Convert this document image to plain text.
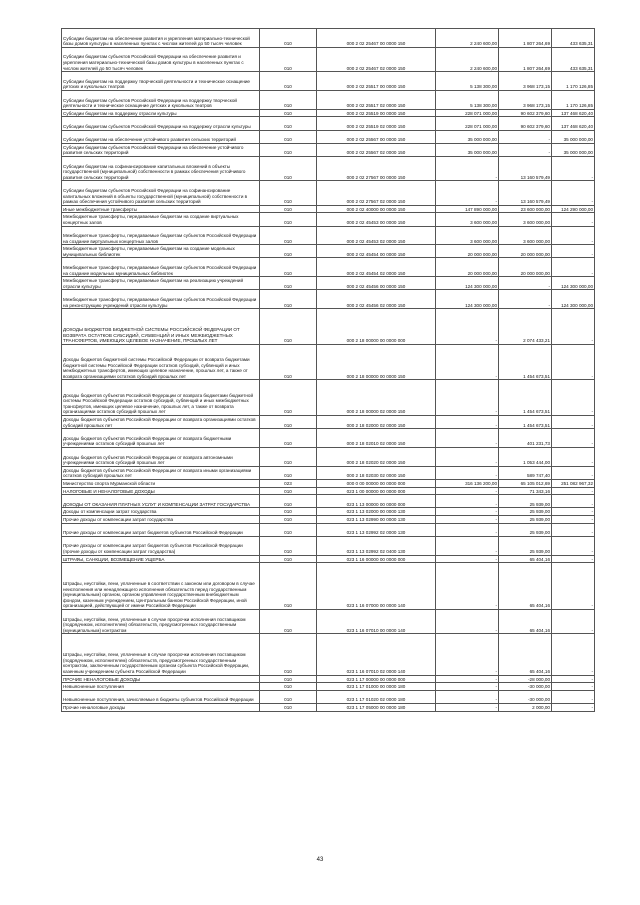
Субсидии бюджетам на обеспечение развития и укрепления материально-технической базы домов культуры в населенных пунктах с числом жителей до 50 тысяч человек	010	000 2 02 25467 00 0000 150	2 240 600,00	1 807 264,69	433 635,31
Субсидии бюджетам субъектов Российской Федерации на обеспечение развития и укрепления материально-технической базы домов культуры в населенных пунктах с числом жителей до 50 тысяч человек	010	000 2 02 25467 02 0000 150	2 240 600,00	1 807 264,69	433 635,31
Субсидии бюджетам на поддержку творческой деятельности и техническое оснащение детских и кукольных театров	010	000 2 02 25517 00 0000 150	5 138 300,00	3 968 173,15	1 170 126,85
Субсидии бюджетам субъектов Российской Федерации на поддержку творческой деятельности и техническое оснащение детских и кукольных театров	010	000 2 02 25517 02 0000 150	5 138 300,00	3 968 173,15	1 170 126,85
Субсидии бюджетам на поддержку отрасли культуры	010	000 2 02 25519 00 0000 150	228 071 000,00	90 602 379,60	137 468 620,40
Субсидии бюджетам субъектов Российской Федерации на поддержку отрасли культуры	010	000 2 02 25519 02 0000 150	228 071 000,00	90 602 379,60	137 468 620,40
Субсидии бюджетам на обеспечение устойчивого развития сельских территорий	010	000 2 02 25567 00 0000 150	35 000 000,00	-	35 000 000,00
Субсидии бюджетам субъектов Российской Федерации на обеспечение устойчивого развития сельских территорий	010	000 2 02 25567 02 0000 150	35 000 000,00	-	35 000 000,00
Субсидии бюджетам на софинансирование капитальных вложений в объекты государственной (муниципальной) собственности в рамках обеспечения устойчивого развития сельских территорий	010	000 2 02 27567 00 0000 150	-	13 160 579,49	-
Субсидии бюджетам субъектов Российской Федерации на софинансирование капитальных вложений в объекты государственной (муниципальной) собственности в рамках обеспечения устойчивого развития сельских территорий	010	000 2 02 27567 02 0000 150	-	13 160 579,49	-
Иные межбюджетные трансферты	010	000 2 02 40000 00 0000 150	147 890 000,00	23 600 000,00	124 290 000,00
Межбюджетные трансферты, передаваемые бюджетам на создание виртуальных концертных залов	010	000 2 02 45453 00 0000 150	3 600 000,00	3 600 000,00	-
Межбюджетные трансферты, передаваемые бюджетам субъектов Российской Федерации на создание виртуальных концертных залов	010	000 2 02 45453 02 0000 150	3 600 000,00	3 600 000,00	-
Межбюджетные трансферты, передаваемые бюджетам на создание модельных муниципальных библиотек	010	000 2 02 45454 00 0000 150	20 000 000,00	20 000 000,00	-
Межбюджетные трансферты, передаваемые бюджетам субъектов Российской Федерации на создание модельных муниципальных библиотек	010	000 2 02 45454 02 0000 150	20 000 000,00	20 000 000,00	-
Межбюджетные трансферты, передаваемые бюджетам на реализацию учреждений отрасли культуры	010	000 2 02 45456 00 0000 150	124 300 000,00	-	124 300 000,00
Межбюджетные трансферты, передаваемые бюджетам субъектов Российской Федерации на реконструкцию учреждений отрасли культуры	010	000 2 02 45456 02 0000 150	124 300 000,00	-	124 300 000,00
ДОХОДЫ БЮДЖЕТОВ БЮДЖЕТНОЙ СИСТЕМЫ РОССИЙСКОЙ ФЕДЕРАЦИИ ОТ ВОЗВРАТА ОСТАТКОВ СУБСИДИЙ, СУБВЕНЦИЙ И ИНЫХ МЕЖБЮДЖЕТНЫХ ТРАНСФЕРТОВ, ИМЕЮЩИХ ЦЕЛЕВОЕ НАЗНАЧЕНИЕ, ПРОШЛЫХ ЛЕТ	010	000 2 18 00000 00 0000 000	-	2 074 433,21	-
Доходы бюджетов бюджетной системы Российской Федерации от возврата бюджетами бюджетной системы Российской Федерации остатков субсидий, субвенций и иных межбюджетных трансфертов, имеющих целевое назначение, прошлых лет, а также от возврата организациями остатков субсидий прошлых лет	010	000 2 18 00000 00 0000 150	-	1 454 673,51	-
Доходы бюджетов субъектов Российской Федерации от возврата бюджетами бюджетной системы Российской Федерации остатков субсидий, субвенций и иных межбюджетных трансфертов, имеющих целевое назначение, прошлых лет, а также от возврата организациями остатков субсидий прошлых лет	010	000 2 18 00000 02 0000 150	-	1 454 673,51	-
Доходы бюджетов субъектов Российской Федерации от возврата организациями остатков субсидий прошлых лет	010	000 2 18 02000 02 0000 150	-	1 454 673,51	-
Доходы бюджетов субъектов Российской Федерации от возврата бюджетными учреждениями остатков субсидий прошлых лет	010	000 2 18 02010 02 0000 150	-	401 231,73	-
Доходы бюджетов субъектов Российской Федерации от возврата автономными учреждениями остатков субсидий прошлых лет	010	000 2 18 02020 02 0000 150	-	1 053 444,00	-
Доходы бюджетов субъектов Российской Федерации от возврата иными организациями остатков субсидий прошлых лет	010	000 2 18 02030 02 0000 150	-	589 747,40	-
Министерство спорта Мурманской области	023	000 0 00 00000 00 0000 000	316 136 200,00	65 105 012,69	251 082 967,32
НАЛОГОВЫЕ И НЕНАЛОГОВЫЕ ДОХОДЫ	010	023 1 00 00000 00 0000 000	-	71 343,16	-
ДОХОДЫ ОТ ОКАЗАНИЯ ПЛАТНЫХ УСЛУГ И КОМПЕНСАЦИИ ЗАТРАТ ГОСУДАРСТВА	010	023 1 13 00000 00 0000 000	-	25 939,00	-
Доходы от компенсации затрат государства	010	023 1 13 02000 00 0000 130	-	25 939,00	-
Прочие доходы от компенсации затрат государства	010	023 1 13 02990 00 0000 130	-	25 939,00	-
Прочие доходы от компенсации затрат бюджетов субъектов Российской Федерации	010	023 1 13 02992 02 0000 130	-	25 939,00	-
Прочие доходы от компенсации затрат бюджетов субъектов Российской Федерации (прочие доходы от компенсации затрат государства)	010	023 1 13 02992 02 0400 130	-	25 939,00	-
ШТРАФЫ, САНКЦИИ, ВОЗМЕЩЕНИЕ УЩЕРБА	010	023 1 16 00000 00 0000 000	-	65 404,16	-
Штрафы, неустойки, пени, уплаченные в соответствии с законом или договором в случае неисполнения или ненадлежащего исполнения обязательств перед государственным (муниципальным) органом, органом управления государственным внебюджетным фондом, казенным учреждением, Центральным банком Российской Федерации, иной организацией, действующей от имени Российской Федерации	010	023 1 16 07000 00 0000 140	-	65 404,16	-
Штрафы, неустойки, пени, уплаченные в случае просрочки исполнения поставщиком (подрядчиком, исполнителем) обязательств, предусмотренных государственным (муниципальным) контрактом	010	023 1 16 07010 00 0000 140	-	65 404,16	-
Штрафы, неустойки, пени, уплаченные в случае просрочки исполнения поставщиком (подрядчиком, исполнителем) обязательств, предусмотренных государственным контрактом, заключенным государственным органом субъекта Российской Федерации, казенным учреждением субъекта Российской Федерации	010	023 1 16 07010 02 0000 140	-	65 404,16	-
ПРОЧИЕ НЕНАЛОГОВЫЕ ДОХОДЫ	010	023 1 17 00000 00 0000 000	-	-28 000,00	-
Невыясненные поступления	010	023 1 17 01000 00 0000 180	-	-30 000,00	-
Невыясненные поступления, зачисляемые в бюджеты субъектов Российской Федерации	010	023 1 17 01020 02 0000 180	-	-30 000,00	-
Прочие неналоговые доходы	010	023 1 17 05000 00 0000 180	-	2 000,00	-
43
